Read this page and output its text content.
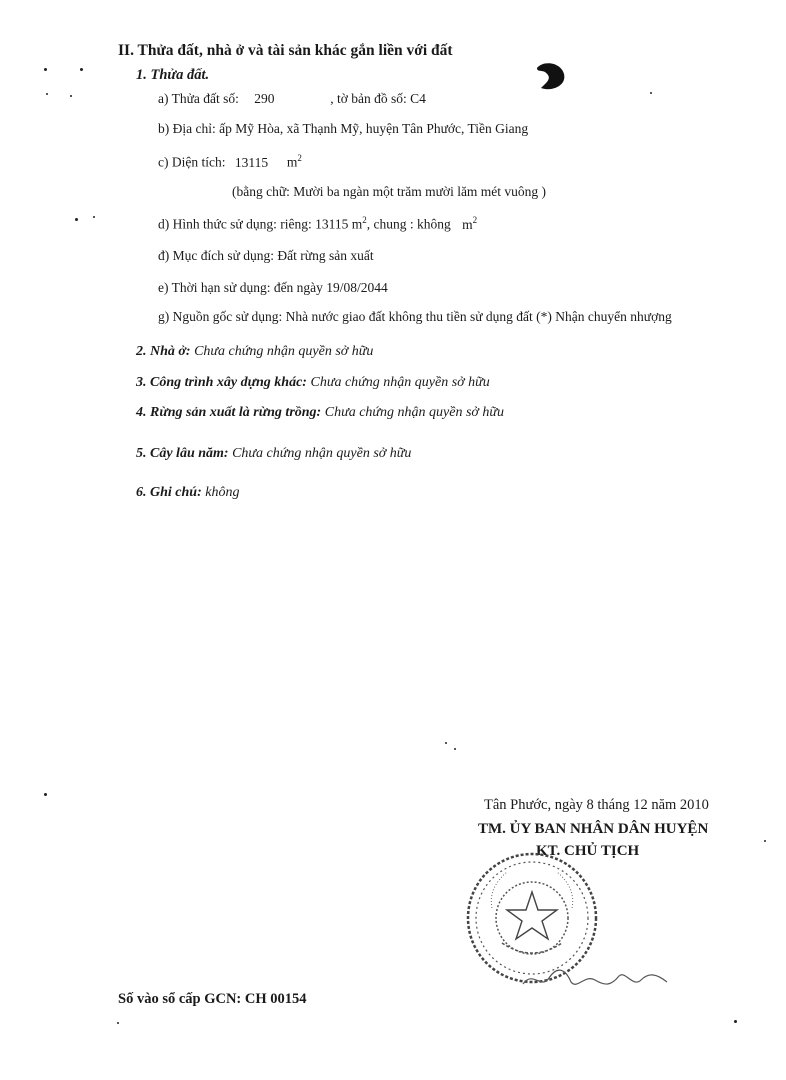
II. Thửa đất, nhà ở và tài sản khác gắn liền với đất
1. Thửa đất.
a) Thửa đất số: 290	, tờ bản đồ số: C4
b) Địa chỉ: ấp Mỹ Hòa, xã Thạnh Mỹ, huyện Tân Phước, Tiền Giang
c) Diện tích: 13115 $m^2$
(bằng chữ: Mười ba ngàn một trăm mười lăm mét vuông )
d) Hình thức sử dụng: riêng: 13115 $m^2$, chung : không $m^2$
đ) Mục đích sử dụng: Đất rừng sản xuất
e) Thời hạn sử dụng: đến ngày 19/08/2044
g) Nguồn gốc sử dụng: Nhà nước giao đất không thu tiền sử dụng đất (*) Nhận chuyển nhượng
2. Nhà ở: Chưa chứng nhận quyền sở hữu
3. Công trình xây dựng khác: Chưa chứng nhận quyền sở hữu
4. Rừng sản xuất là rừng trồng: Chưa chứng nhận quyền sở hữu
5. Cây lâu năm: Chưa chứng nhận quyền sở hữu
6. Ghi chú: không
Tân Phước, ngày 8 tháng 12 năm 2010
TM. ỦY BAN NHÂN DÂN HUYỆN
KT. CHỦ TỊCH
Số vào sổ cấp GCN: CH 00154
